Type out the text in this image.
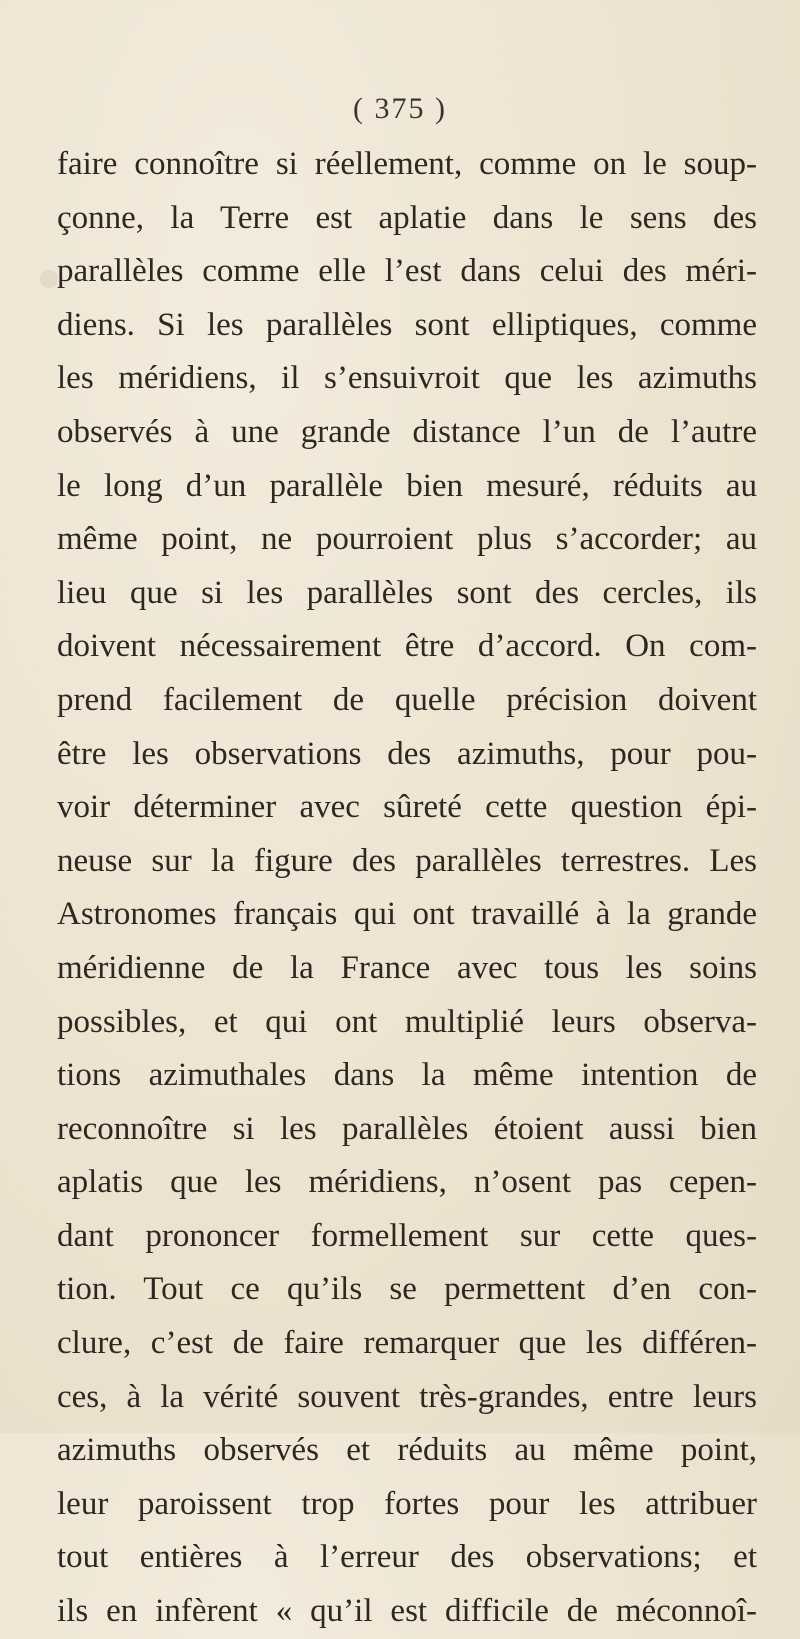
( 375 )
faire connoître si réellement, comme on le soup-
çonne, la Terre est aplatie dans le sens des
parallèles comme elle l’est dans celui des méri-
diens. Si les parallèles sont elliptiques, comme
les méridiens, il s’ensuivroit que les azimuths
observés à une grande distance l’un de l’autre
le long d’un parallèle bien mesuré, réduits au
même point, ne pourroient plus s’accorder; au
lieu que si les parallèles sont des cercles, ils
doivent nécessairement être d’accord. On com-
prend facilement de quelle précision doivent
être les observations des azimuths, pour pou-
voir déterminer avec sûreté cette question épi-
neuse sur la figure des parallèles terrestres. Les
Astronomes français qui ont travaillé à la grande
méridienne de la France avec tous les soins
possibles, et qui ont multiplié leurs observa-
tions azimuthales dans la même intention de
reconnoître si les parallèles étoient aussi bien
aplatis que les méridiens, n’osent pas cepen-
dant prononcer formellement sur cette ques-
tion. Tout ce qu’ils se permettent d’en con-
clure, c’est de faire remarquer que les différen-
ces, à la vérité souvent très-grandes, entre leurs
azimuths observés et réduits au même point,
leur paroissent trop fortes pour les attribuer
tout entières à l’erreur des observations; et
ils en infèrent « qu’il est difficile de méconnoî-
